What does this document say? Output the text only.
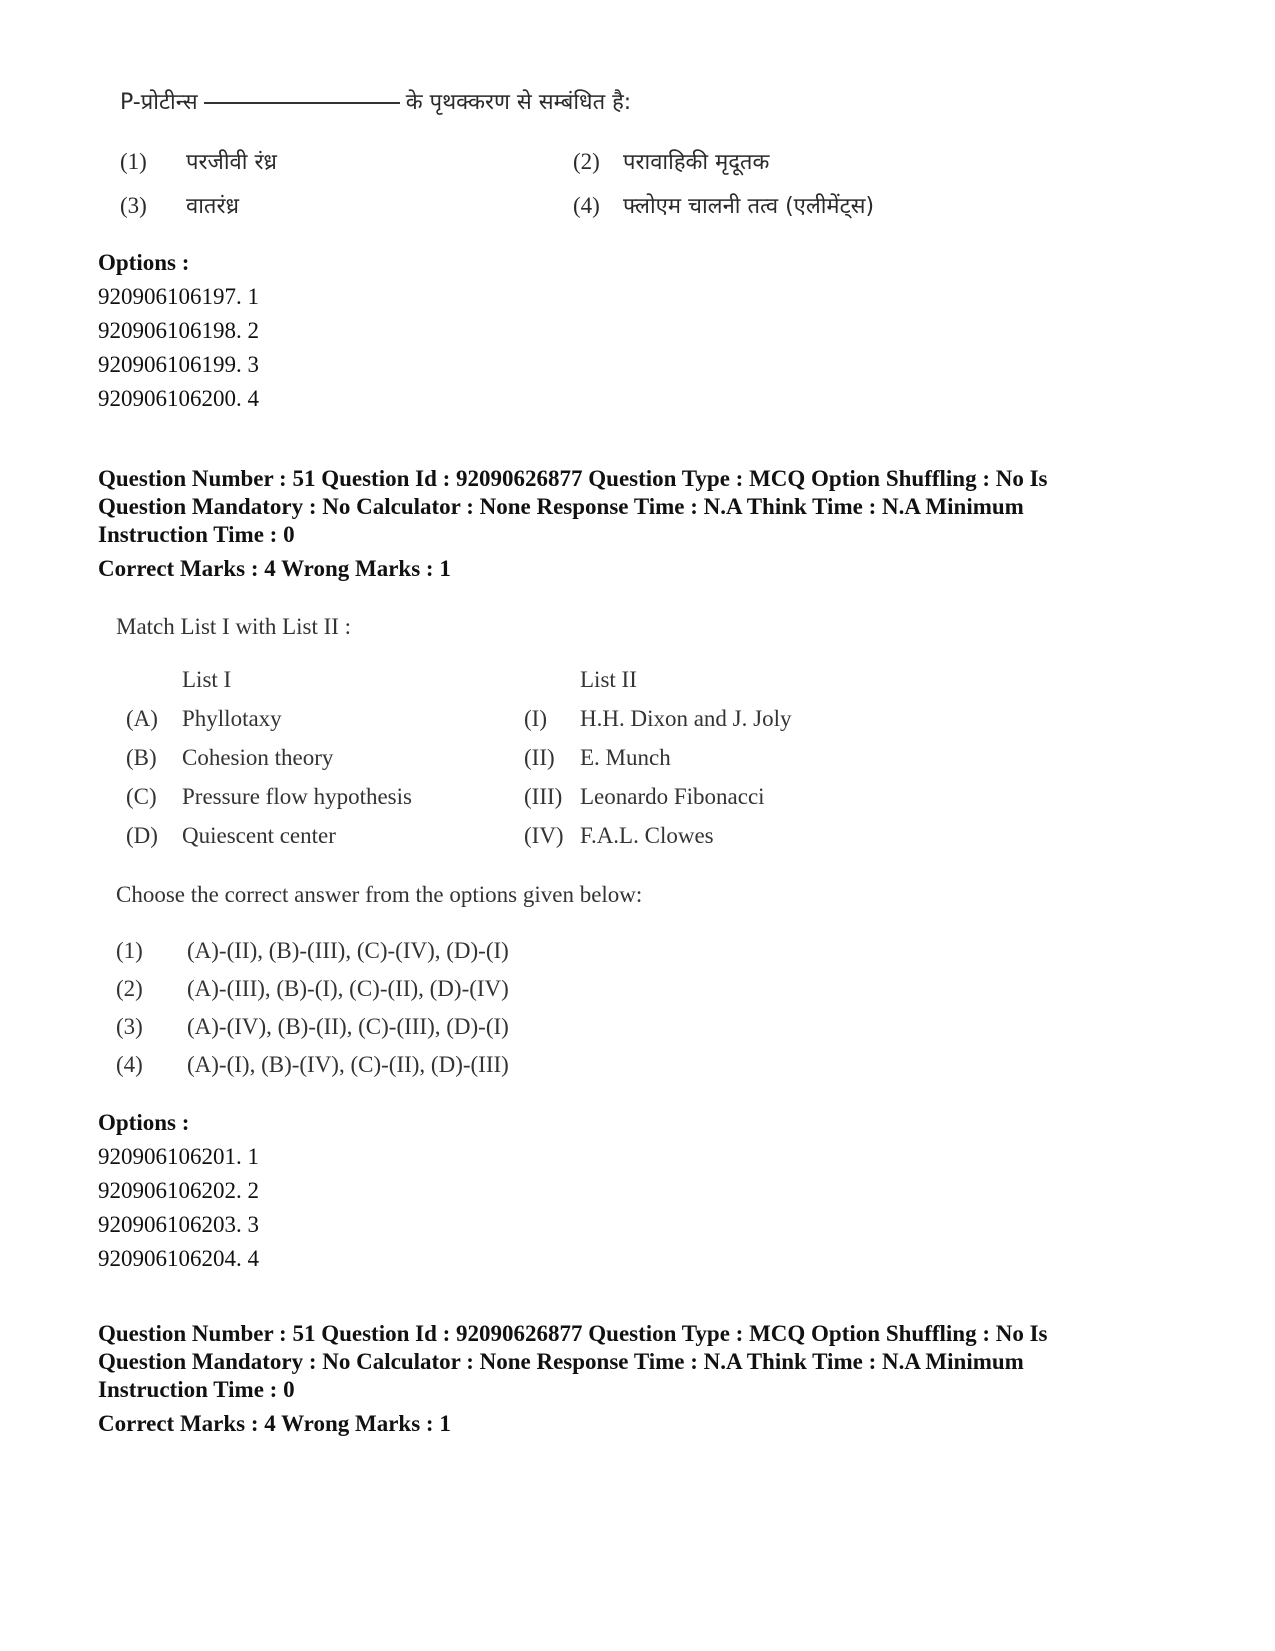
P-प्रोटीन्स	के पृथक्करण से सम्बंधित है:
(1) परजीवी रंध्र	(2) परावाहिकी मृदूतक
(3) वातरंध्र	(4) फ्लोएम चालनी तत्व (एलीमेंट्स)
Options :
920906106197. 1
920906106198. 2
920906106199. 3
920906106200. 4
Question Number : 51 Question Id : 92090626877 Question Type : MCQ Option Shuffling : No Is
Question Mandatory : No Calculator : None Response Time : N.A Think Time : N.A Minimum
Instruction Time : 0
Correct Marks : 4 Wrong Marks : 1
Match List I with List II :
List I	List II
(A) Phyllotaxy	(I) H.H. Dixon and J. Joly
(B) Cohesion theory	(II) E. Munch
(C) Pressure flow hypothesis	(III) Leonardo Fibonacci
(D) Quiescent center	(IV) F.A.L. Clowes
Choose the correct answer from the options given below:
(1) (A)-(II), (B)-(III), (C)-(IV), (D)-(I)
(2) (A)-(III), (B)-(I), (C)-(II), (D)-(IV)
(3) (A)-(IV), (B)-(II), (C)-(III), (D)-(I)
(4) (A)-(I), (B)-(IV), (C)-(II), (D)-(III)
Options :
920906106201. 1
920906106202. 2
920906106203. 3
920906106204. 4
Question Number : 51 Question Id : 92090626877 Question Type : MCQ Option Shuffling : No Is
Question Mandatory : No Calculator : None Response Time : N.A Think Time : N.A Minimum
Instruction Time : 0
Correct Marks : 4 Wrong Marks : 1
